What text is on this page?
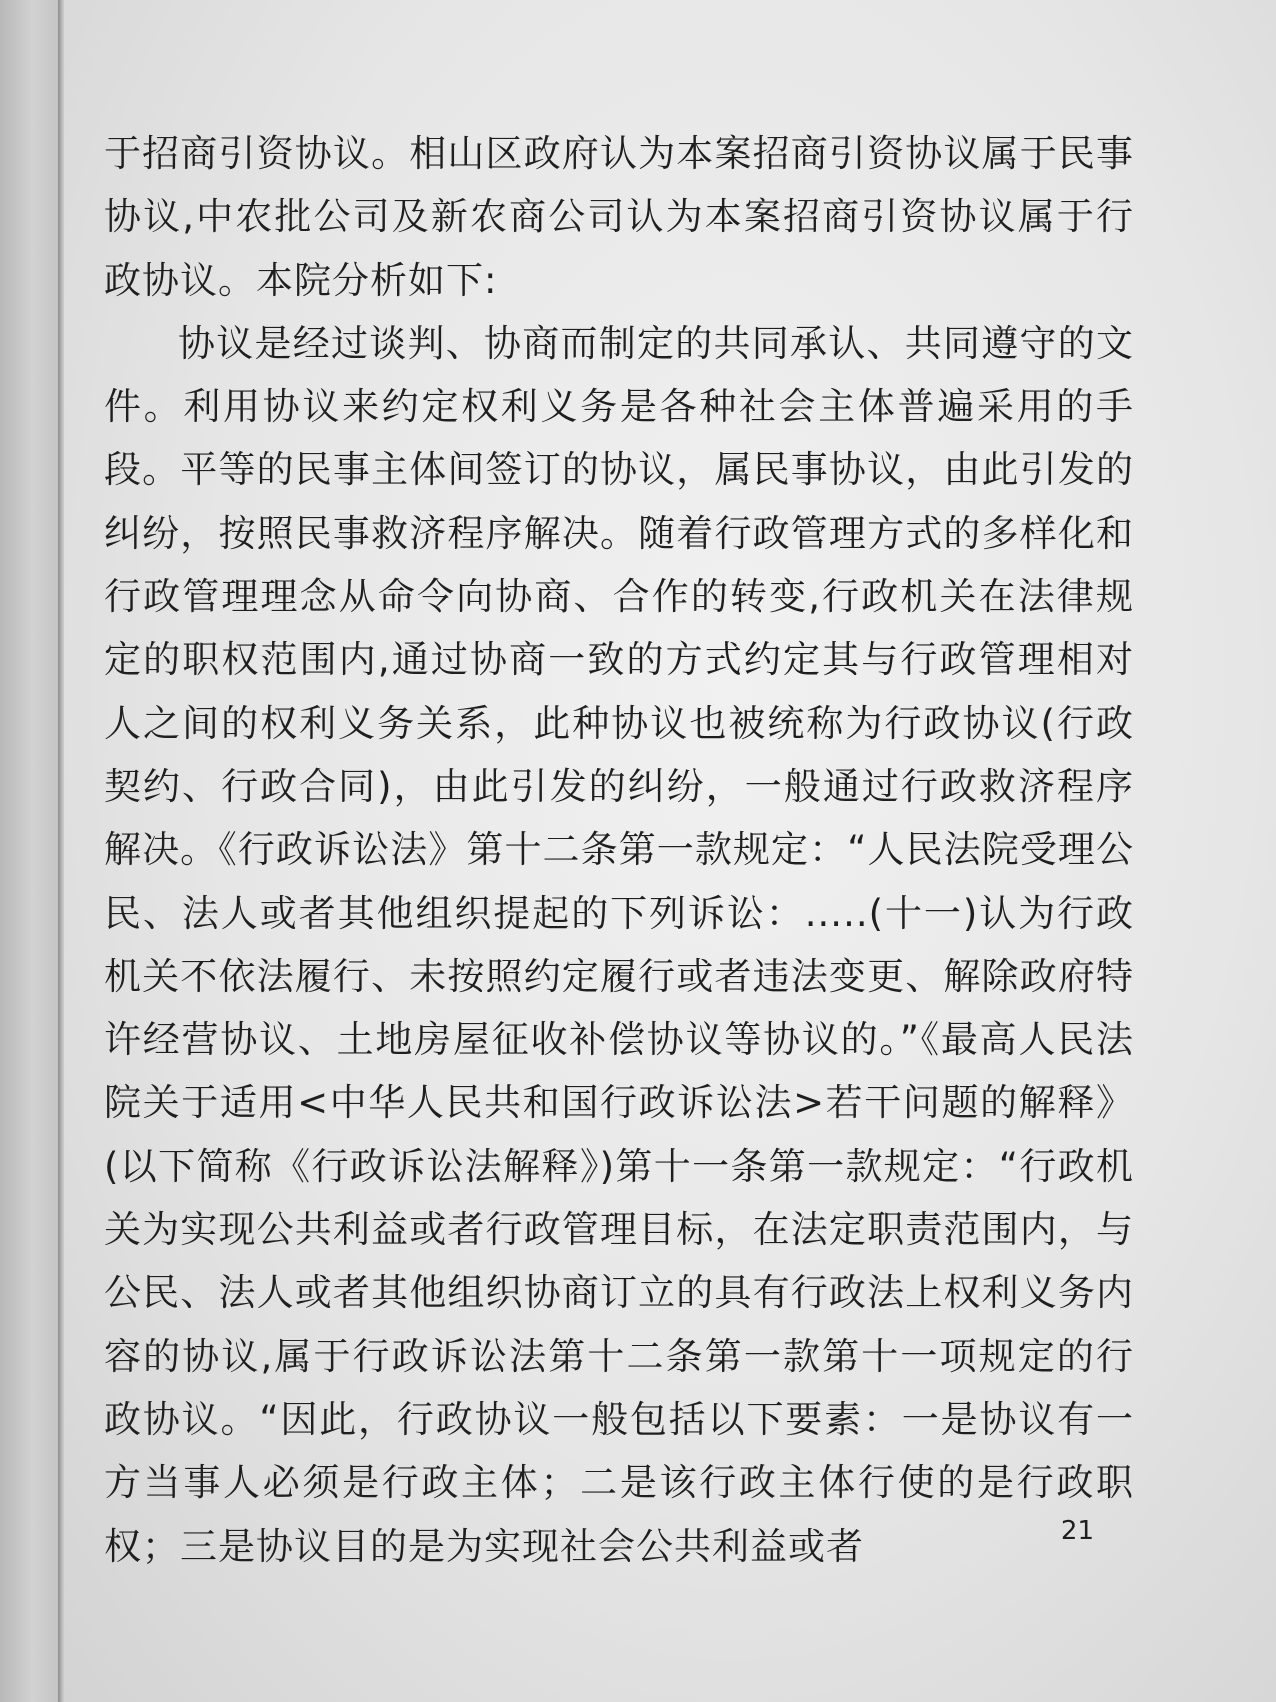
于招商引资协议。相山区政府认为本案招商引资协议属于民事协议,中农批公司及新农商公司认为本案招商引资协议属于行政协议。本院分析如下:

协议是经过谈判、协商而制定的共同承认、共同遵守的文件。利用协议来约定权利义务是各种社会主体普遍采用的手段。平等的民事主体间签订的协议，属民事协议，由此引发的纠纷，按照民事救济程序解决。随着行政管理方式的多样化和行政管理理念从命令向协商、合作的转变,行政机关在法律规定的职权范围内,通过协商一致的方式约定其与行政管理相对人之间的权利义务关系，此种协议也被统称为行政协议(行政契约、行政合同)，由此引发的纠纷，一般通过行政救济程序解决。《行政诉讼法》第十二条第一款规定：“人民法院受理公民、法人或者其他组织提起的下列诉讼：.....(十一)认为行政机关不依法履行、未按照约定履行或者违法变更、解除政府特许经营协议、土地房屋征收补偿协议等协议的。”《最高人民法院关于适用<中华人民共和国行政诉讼法>若干问题的解释》(以下简称《行政诉讼法解释》)第十一条第一款规定：“行政机关为实现公共利益或者行政管理目标，在法定职责范围内，与公民、法人或者其他组织协商订立的具有行政法上权利义务内容的协议,属于行政诉讼法第十二条第一款第十一项规定的行政协议。“因此，行政协议一般包括以下要素：一是协议有一方当事人必须是行政主体；二是该行政主体行使的是行政职权；三是协议目的是为实现社会公共利益或者	21
